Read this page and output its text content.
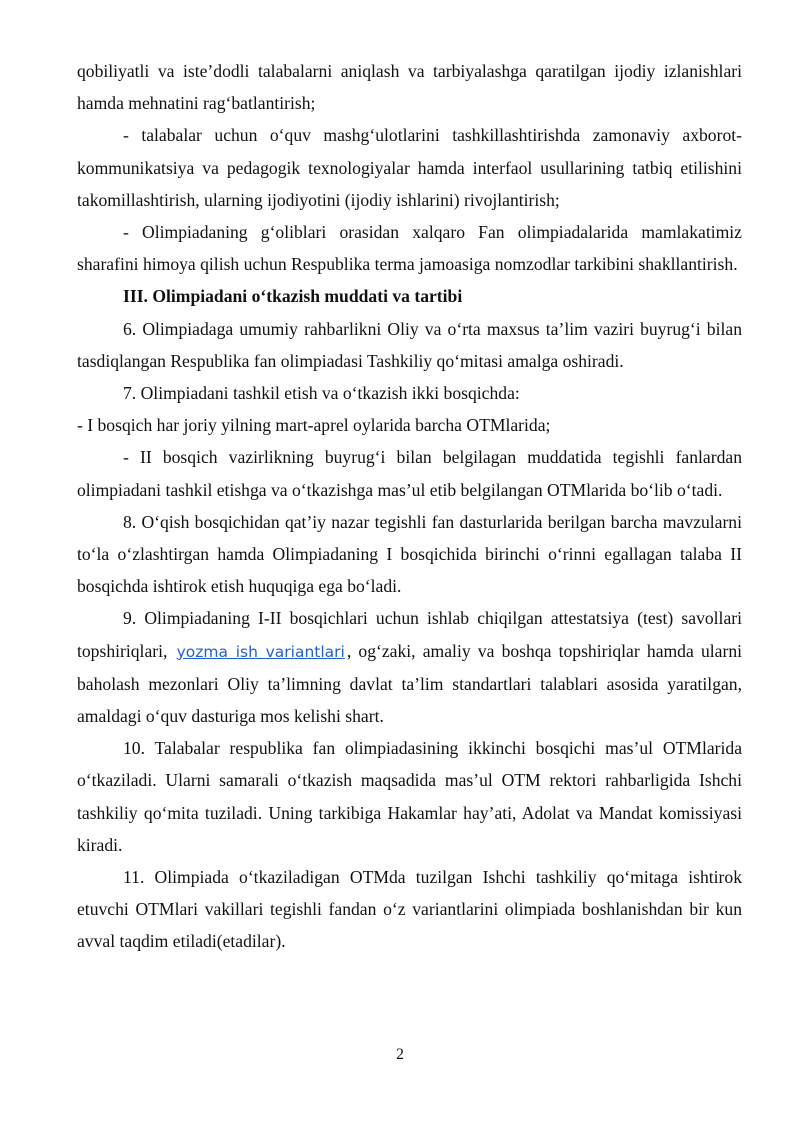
qobiliyatli va iste’dodli talabalarni aniqlash va tarbiyalashga qaratilgan ijodiy izlanishlari hamda mehnatini rag‘batlantirish;

- talabalar uchun o‘quv mashg‘ulotlarini tashkillashtirishda zamonaviy axborot-kommunikatsiya va pedagogik texnologiyalar hamda interfaol usullarining tatbiq etilishini takomillashtirish, ularning ijodiyotini (ijodiy ishlarini) rivojlantirish;

- Olimpiadaning g‘oliblari orasidan xalqaro Fan olimpiadalarida mamlakatimiz sharafini himoya qilish uchun Respublika terma jamoasiga nomzodlar tarkibini shakllantirish.

III. Olimpiadani o‘tkazish muddati va tartibi

6. Olimpiadaga umumiy rahbarlikni Oliy va o‘rta maxsus ta’lim vaziri buyrug‘i bilan tasdiqlangan Respublika fan olimpiadasi Tashkiliy qo‘mitasi amalga oshiradi.

7. Olimpiadani tashkil etish va o‘tkazish ikki bosqichda:

- I bosqich har joriy yilning mart-aprel oylarida barcha OTMlarida;

- II bosqich vazirlikning buyrug‘i bilan belgilagan muddatida tegishli fanlardan olimpiadani tashkil etishga va o‘tkazishga mas’ul etib belgilangan OTMlarida bo‘lib o‘tadi.

8. O‘qish bosqichidan qat’iy nazar tegishli fan dasturlarida berilgan barcha mavzularni to‘la o‘zlashtirgan hamda Olimpiadaning I bosqichida birinchi o‘rinni egallagan talaba II bosqichda ishtirok etish huquqiga ega bo‘ladi.

9. Olimpiadaning I-II bosqichlari uchun ishlab chiqilgan attestatsiya (test) savollari topshiriqlari, yozma ish variantlari , og‘zaki, amaliy va boshqa topshiriqlar hamda ularni baholash mezonlari Oliy ta’limning davlat ta’lim standartlari talablari asosida yaratilgan, amaldagi o‘quv dasturiga mos kelishi shart.

10. Talabalar respublika fan olimpiadasining ikkinchi bosqichi mas’ul OTMlarida o‘tkaziladi. Ularni samarali o‘tkazish maqsadida mas’ul OTM rektori rahbarligida Ishchi tashkiliy qo‘mita tuziladi. Uning tarkibiga Hakamlar hay’ati, Adolat va Mandat komissiyasi kiradi.

11. Olimpiada o‘tkaziladigan OTMda tuzilgan Ishchi tashkiliy qo‘mitaga ishtirok etuvchi OTMlari vakillari tegishli fandan o‘z variantlarini olimpiada boshlanishdan bir kun avval taqdim etiladi(etadilar).

2
